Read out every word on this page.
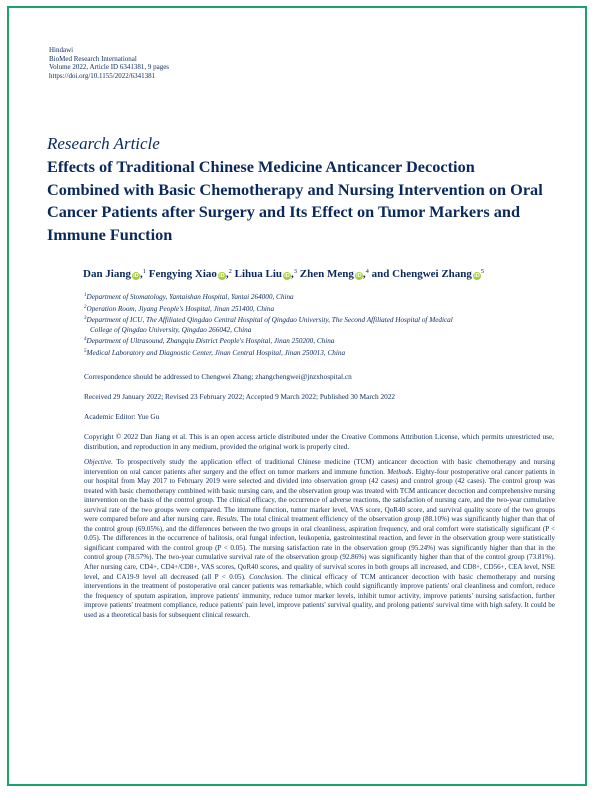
Hindawi
BioMed Research International
Volume 2022, Article ID 6341381, 9 pages
https://doi.org/10.1155/2022/6341381
Research Article
Effects of Traditional Chinese Medicine Anticancer Decoction Combined with Basic Chemotherapy and Nursing Intervention on Oral Cancer Patients after Surgery and Its Effect on Tumor Markers and Immune Function
Dan Jiang iD,$^1$ Fengying Xiao iD,$^2$ Lihua Liu iD,$^3$ Zhen Meng iD,$^4$ and Chengwei Zhang $iD^5$
$^1$Department of Stomatology, Yantaishan Hospital, Yantai 264000, China
$^2$Operation Room, Jiyang People's Hospital, Jinan 251400, China
$^3$Department of ICU, The Affiliated Qingdao Central Hospital of Qingdao University, The Second Affiliated Hospital of Medical
College of Qingdao University, Qingdao 266042, China
$^4$Department of Ultrasound, Zhangqiu District People's Hospital, Jinan 250200, China
$^5$Medical Laboratory and Diagnostic Center, Jinan Central Hospital, Jinan 250013, China
Correspondence should be addressed to Chengwei Zhang; zhangchengwei@jnzxhospital.cn
Received 29 January 2022; Revised 23 February 2022; Accepted 9 March 2022; Published 30 March 2022
Academic Editor: Yue Gu
Copyright © 2022 Dan Jiang et al. This is an open access article distributed under the Creative Commons Attribution License, which permits unrestricted use, distribution, and reproduction in any medium, provided the original work is properly cited.
Objective. To prospectively study the application effect of traditional Chinese medicine (TCM) anticancer decoction with basic chemotherapy and nursing intervention on oral cancer patients after surgery and the effect on tumor markers and immune function. Methods. Eighty-four postoperative oral cancer patients in our hospital from May 2017 to February 2019 were selected and divided into observation group (42 cases) and control group (42 cases). The control group was treated with basic chemotherapy combined with basic nursing care, and the observation group was treated with TCM anticancer decoction and comprehensive nursing intervention on the basis of the control group. The clinical efficacy, the occurrence of adverse reactions, the satisfaction of nursing care, and the two-year cumulative survival rate of the two groups were compared. The immune function, tumor marker level, VAS score, QoR40 score, and survival quality score of the two groups were compared before and after nursing care. Results. The total clinical treatment efficiency of the observation group (88.10%) was significantly higher than that of the control group (69.05%), and the differences between the two groups in oral cleanliness, aspiration frequency, and oral comfort were statistically significant (P < 0.05). The differences in the occurrence of halitosis, oral fungal infection, leukopenia, gastrointestinal reaction, and fever in the observation group were statistically significant compared with the control group (P < 0.05). The nursing satisfaction rate in the observation group (95.24%) was significantly higher than that in the control group (78.57%). The two-year cumulative survival rate of the observation group (92.86%) was significantly higher than that of the control group (73.81%). After nursing care, CD4+, CD4+/CD8+, VAS scores, QoR40 scores, and quality of survival scores in both groups all increased, and CD8+, CD56+, CEA level, NSE level, and CA19-9 level all decreased (all P < 0.05). Conclusion. The clinical efficacy of TCM anticancer decoction with basic chemotherapy and nursing interventions in the treatment of postoperative oral cancer patients was remarkable, which could significantly improve patients' oral cleanliness and comfort, reduce the frequency of sputum aspiration, improve patients' immunity, reduce tumor marker levels, inhibit tumor activity, improve patients' nursing satisfaction, further improve patients' treatment compliance, reduce patients' pain level, improve patients' survival quality, and prolong patients' survival time with high safety. It could be used as a theoretical basis for subsequent clinical research.
